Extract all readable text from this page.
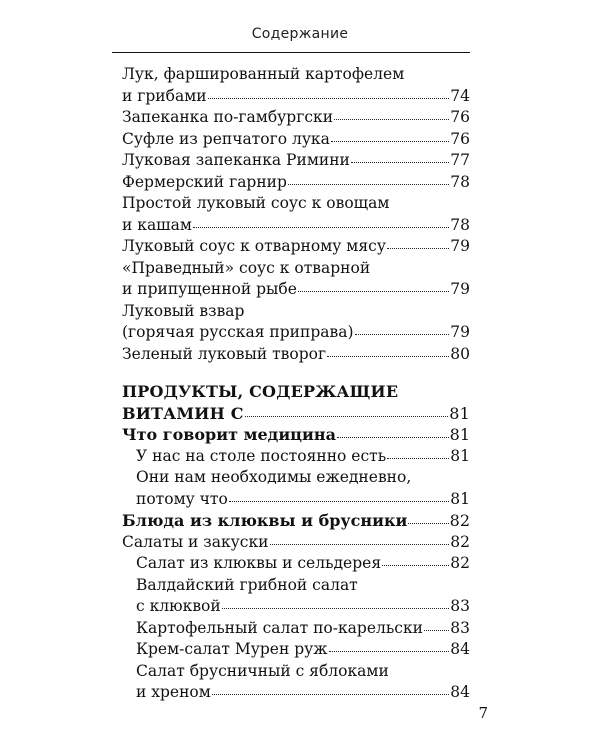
Содержание
Лук, фаршированный картофелем
и грибами	74
Запеканка по-гамбургски	76
Суфле из репчатого лука	76
Луковая запеканка Римини	77
Фермерский гарнир	78
Простой луковый соус к овощам
и кашам	78
Луковый соус к отварному мясу	79
«Праведный» соус к отварной
и припущенной рыбе	79
Луковый взвар
(горячая русская приправа)	79
Зеленый луковый творог	80
ПРОДУКТЫ, СОДЕРЖАЩИЕ
ВИТАМИН С	81
Что говорит медицина	81
У нас на столе постоянно есть	81
Они нам необходимы ежедневно,
потому что	81
Блюда из клюквы и брусники	82
Салаты и закуски	82
Салат из клюквы и сельдерея	82
Валдайский грибной салат
с клюквой	83
Картофельный салат по-карельски 83
Крем-салат Мурен руж	84
Салат брусничный с яблоками
и хреном	84
7
